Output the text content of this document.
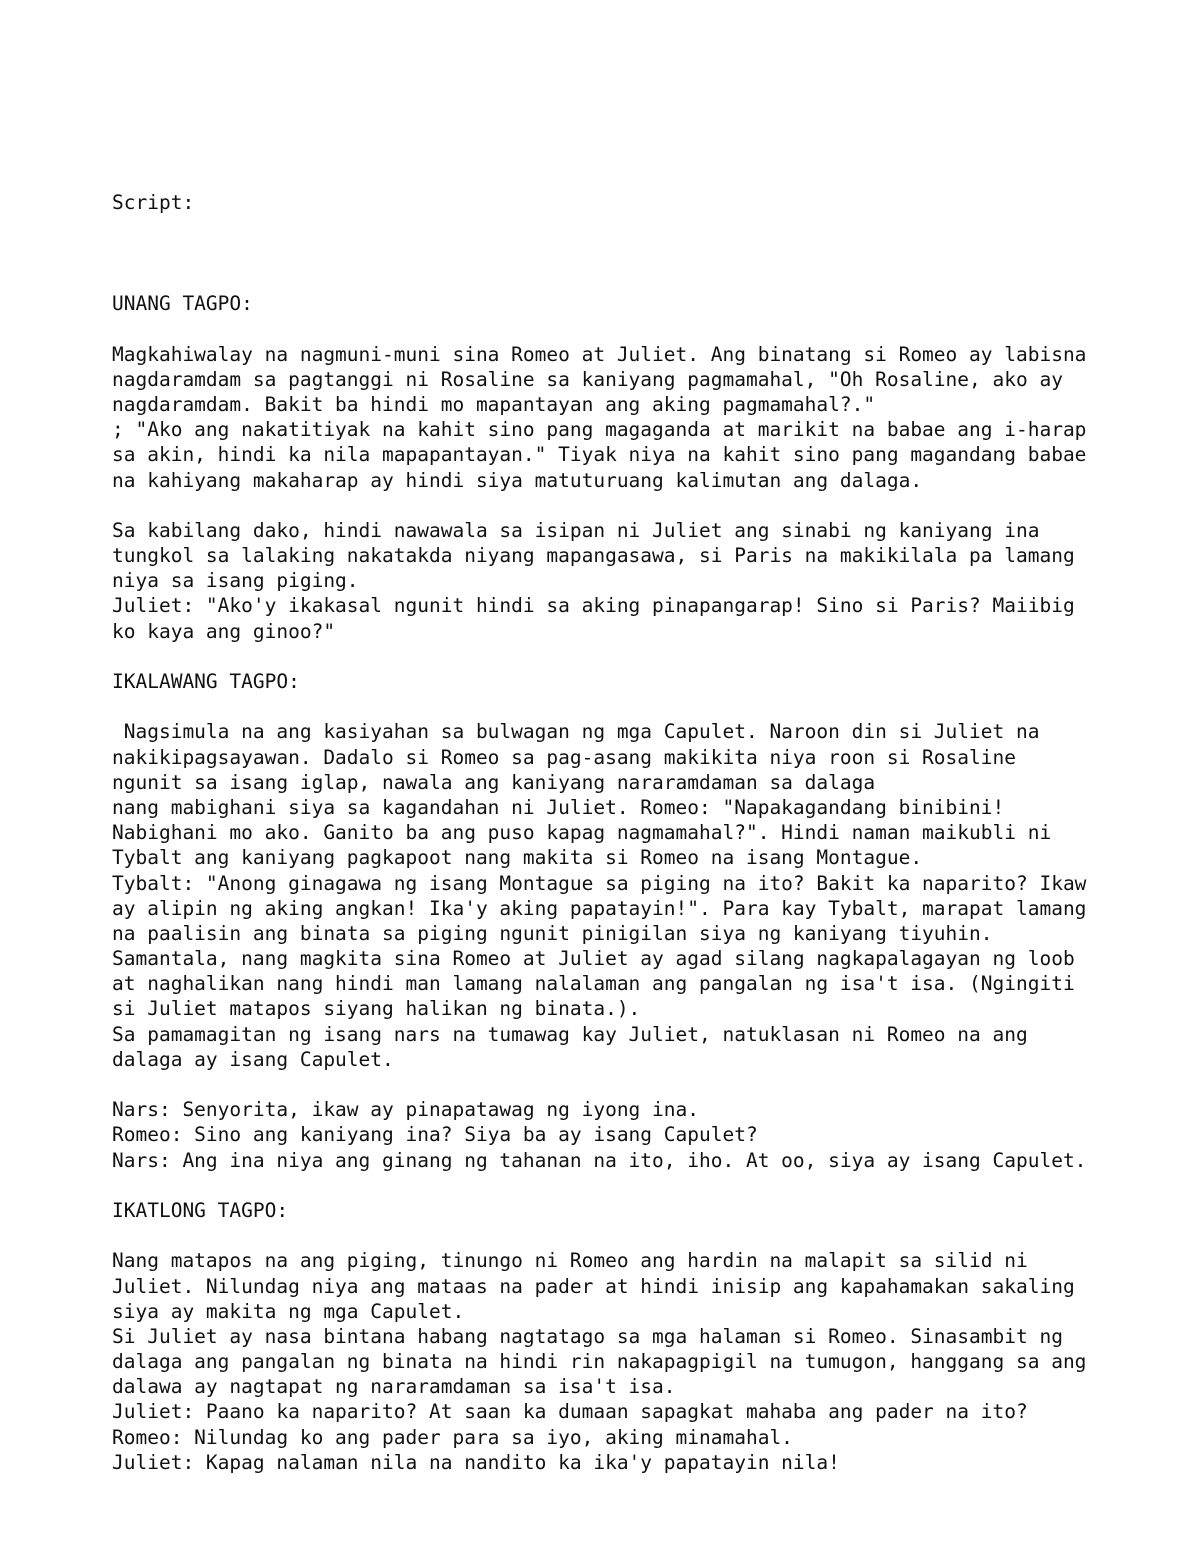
Script:

UNANG TAGPO:
Magkahiwalay na nagmuni-muni sina Romeo at Juliet. Ang binatang si Romeo ay labisna
nagdaramdam sa pagtanggi ni Rosaline sa kaniyang pagmamahal, "Oh Rosaline, ako ay
nagdaramdam. Bakit ba hindi mo mapantayan ang aking pagmamahal?."
; "Ako ang nakatitiyak na kahit sino pang magaganda at marikit na babae ang i-harap
sa akin, hindi ka nila mapapantayan." Tiyak niya na kahit sino pang magandang babae
na kahiyang makaharap ay hindi siya matuturuang kalimutan ang dalaga.
Sa kabilang dako, hindi nawawala sa isipan ni Juliet ang sinabi ng kaniyang ina
tungkol sa lalaking nakatakda niyang mapangasawa, si Paris na makikilala pa lamang
niya sa isang piging.
Juliet: "Ako'y ikakasal ngunit hindi sa aking pinapangarap! Sino si Paris? Maiibig
ko kaya ang ginoo?"
IKALAWANG TAGPO:
Nagsimula na ang kasiyahan sa bulwagan ng mga Capulet. Naroon din si Juliet na
nakikipagsayawan. Dadalo si Romeo sa pag-asang makikita niya roon si Rosaline
ngunit sa isang iglap, nawala ang kaniyang nararamdaman sa dalaga
nang mabighani siya sa kagandahan ni Juliet. Romeo: "Napakagandang binibini!
Nabighani mo ako. Ganito ba ang puso kapag nagmamahal?". Hindi naman maikubli ni
Tybalt ang kaniyang pagkapoot nang makita si Romeo na isang Montague.
Tybalt: "Anong ginagawa ng isang Montague sa piging na ito? Bakit ka naparito? Ikaw
ay alipin ng aking angkan! Ika'y aking papatayin!". Para kay Tybalt, marapat lamang
na paalisin ang binata sa piging ngunit pinigilan siya ng kaniyang tiyuhin.
Samantala, nang magkita sina Romeo at Juliet ay agad silang nagkapalagayan ng loob
at naghalikan nang hindi man lamang nalalaman ang pangalan ng isa't isa. (Ngingiti
si Juliet matapos siyang halikan ng binata.).
Sa pamamagitan ng isang nars na tumawag kay Juliet, natuklasan ni Romeo na ang
dalaga ay isang Capulet.
Nars: Senyorita, ikaw ay pinapatawag ng iyong ina.
Romeo: Sino ang kaniyang ina? Siya ba ay isang Capulet?
Nars: Ang ina niya ang ginang ng tahanan na ito, iho. At oo, siya ay isang Capulet.
IKATLONG TAGPO:
Nang matapos na ang piging, tinungo ni Romeo ang hardin na malapit sa silid ni
Juliet. Nilundag niya ang mataas na pader at hindi inisip ang kapahamakan sakaling
siya ay makita ng mga Capulet.
Si Juliet ay nasa bintana habang nagtatago sa mga halaman si Romeo. Sinasambit ng
dalaga ang pangalan ng binata na hindi rin nakapagpigil na tumugon, hanggang sa ang
dalawa ay nagtapat ng nararamdaman sa isa't isa.
Juliet: Paano ka naparito? At saan ka dumaan sapagkat mahaba ang pader na ito?
Romeo: Nilundag ko ang pader para sa iyo, aking minamahal.
Juliet: Kapag nalaman nila na nandito ka ika'y papatayin nila!
